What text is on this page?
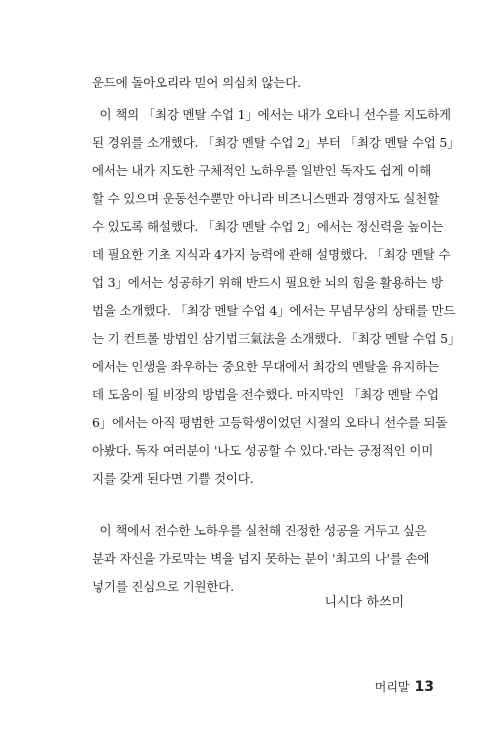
운드에 돌아오리라 믿어 의심치 않는다.
이 책의 「최강 멘탈 수업 1」에서는 내가 오타니 선수를 지도하게
된 경위를 소개했다. 「최강 멘탈 수업 2」부터 「최강 멘탈 수업 5」
에서는 내가 지도한 구체적인 노하우를 일반인 독자도 쉽게 이해
할 수 있으며 운동선수뿐만 아니라 비즈니스맨과 경영자도 실천할
수 있도록 해설했다. 「최강 멘탈 수업 2」에서는 정신력을 높이는
데 필요한 기초 지식과 4가지 능력에 관해 설명했다. 「최강 멘탈 수
업 3」에서는 성공하기 위해 반드시 필요한 뇌의 힘을 활용하는 방
법을 소개했다. 「최강 멘탈 수업 4」에서는 무념무상의 상태를 만드
는 기 컨트롤 방법인 삼기법三氣法을 소개했다. 「최강 멘탈 수업 5」
에서는 인생을 좌우하는 중요한 무대에서 최강의 멘탈을 유지하는
데 도움이 될 비장의 방법을 전수했다. 마지막인 「최강 멘탈 수업
6」에서는 아직 평범한 고등학생이었던 시절의 오타니 선수를 되돌
아봤다. 독자 여러분이 '나도 성공할 수 있다.'라는 긍정적인 이미
지를 갖게 된다면 기쁠 것이다.
이 책에서 전수한 노하우를 실천해 진정한 성공을 거두고 싶은
분과 자신을 가로막는 벽을 넘지 못하는 분이 '최고의 나'를 손에
넣기를 진심으로 기원한다.
니시다 하쓰미
머리말 13
